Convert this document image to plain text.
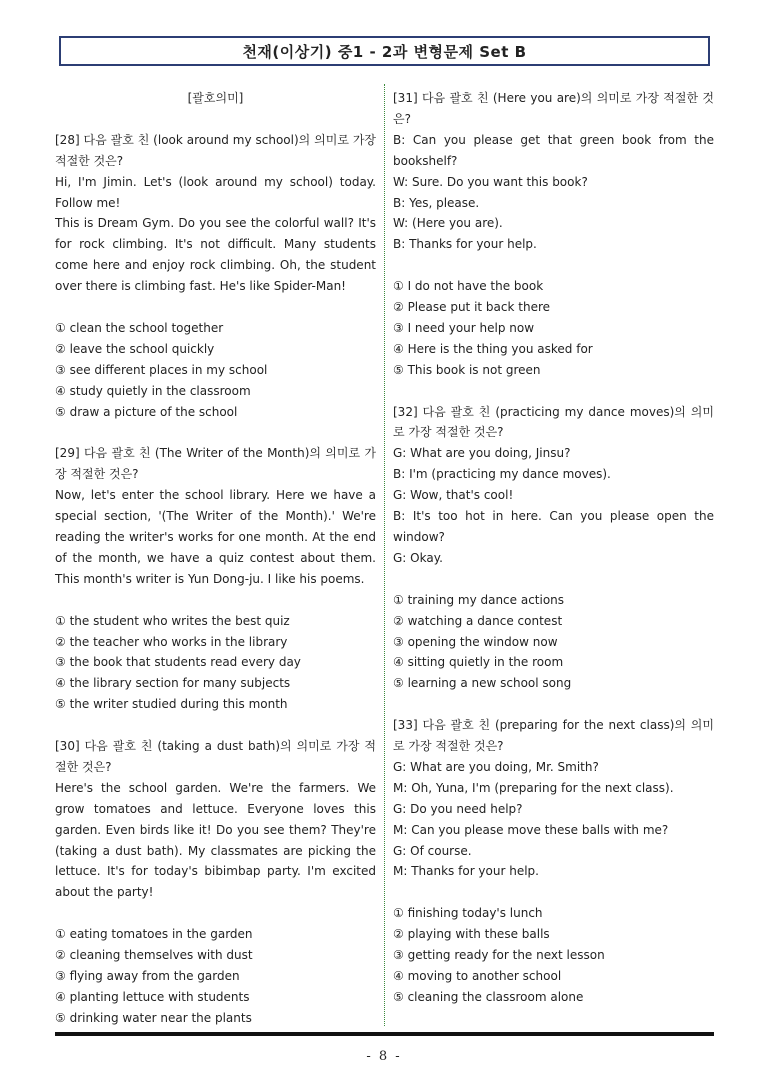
천재(이상기) 중1 - 2과 변형문제 Set B

[괄호의미]

[28] 다음 괄호 친 (look around my school)의 의미로 가장 적절한 것은?

Hi, I'm Jimin. Let's (look around my school) today. Follow me!

This is Dream Gym. Do you see the colorful wall? It's for rock climbing. It's not difficult. Many students come here and enjoy rock climbing. Oh, the student over there is climbing fast. He's like Spider-Man!

① clean the school together

② leave the school quickly

③ see different places in my school

④ study quietly in the classroom

⑤ draw a picture of the school

[29] 다음 괄호 친 (The Writer of the Month)의 의미로 가장 적절한 것은?

Now, let's enter the school library. Here we have a special section, '(The Writer of the Month).' We're reading the writer's works for one month. At the end of the month, we have a quiz contest about them. This month's writer is Yun Dong-ju. I like his poems.

① the student who writes the best quiz

② the teacher who works in the library

③ the book that students read every day

④ the library section for many subjects

⑤ the writer studied during this month

[30] 다음 괄호 친 (taking a dust bath)의 의미로 가장 적절한 것은?

Here's the school garden. We're the farmers. We grow tomatoes and lettuce. Everyone loves this garden. Even birds like it! Do you see them? They're (taking a dust bath). My classmates are picking the lettuce. It's for today's bibimbap party. I'm excited about the party!

① eating tomatoes in the garden

② cleaning themselves with dust

③ flying away from the garden

④ planting lettuce with students

⑤ drinking water near the plants

[31] 다음 괄호 친 (Here you are)의 의미로 가장 적절한 것은?

B: Can you please get that green book from the bookshelf?

W: Sure. Do you want this book?

B: Yes, please.

W: (Here you are).

B: Thanks for your help.

① I do not have the book

② Please put it back there

③ I need your help now

④ Here is the thing you asked for

⑤ This book is not green

[32] 다음 괄호 친 (practicing my dance moves)의 의미로 가장 적절한 것은?

G: What are you doing, Jinsu?

B: I'm (practicing my dance moves).

G: Wow, that's cool!

B: It's too hot in here. Can you please open the window?

G: Okay.

① training my dance actions

② watching a dance contest

③ opening the window now

④ sitting quietly in the room

⑤ learning a new school song

[33] 다음 괄호 친 (preparing for the next class)의 의미로 가장 적절한 것은?

G: What are you doing, Mr. Smith?

M: Oh, Yuna, I'm (preparing for the next class).

G: Do you need help?

M: Can you please move these balls with me?

G: Of course.

M: Thanks for your help.

① finishing today's lunch

② playing with these balls

③ getting ready for the next lesson

④ moving to another school

⑤ cleaning the classroom alone

- 8 -
